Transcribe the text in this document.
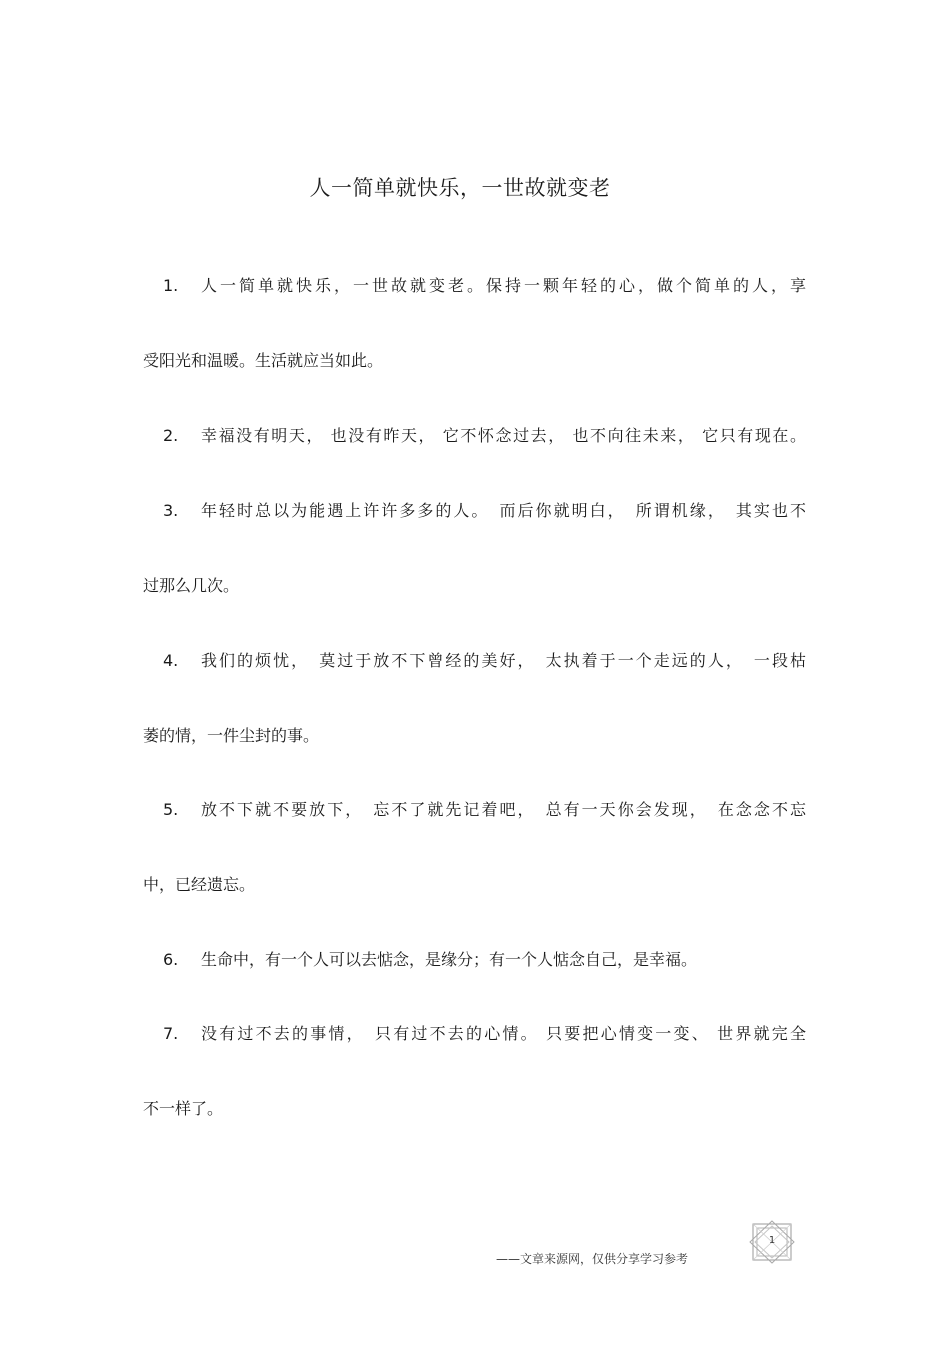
人一简单就快乐，一世故就变老
1. 人一简单就快乐，一世故就变老。保持一颗年轻的心，做个简单的人，享
受阳光和温暖。生活就应当如此。
2. 幸福没有明天， 也没有昨天， 它不怀念过去， 也不向往未来， 它只有现在。
3. 年轻时总以为能遇上许许多多的人。　而后你就明白，　所谓机缘，　其实也不
过那么几次。
4. 我们的烦忧，　莫过于放不下曾经的美好，　太执着于一个走远的人，　一段枯
萎的情，一件尘封的事。
5. 放不下就不要放下，　忘不了就先记着吧，　总有一天你会发现，　在念念不忘
中，已经遗忘。
6. 生命中，有一个人可以去惦念，是缘分；有一个人惦念自己，是幸福。
7. 没有过不去的事情，　只有过不去的心情。 只要把心情变一变、 世界就完全
不一样了。
——文章来源网，仅供分享学习参考
1
